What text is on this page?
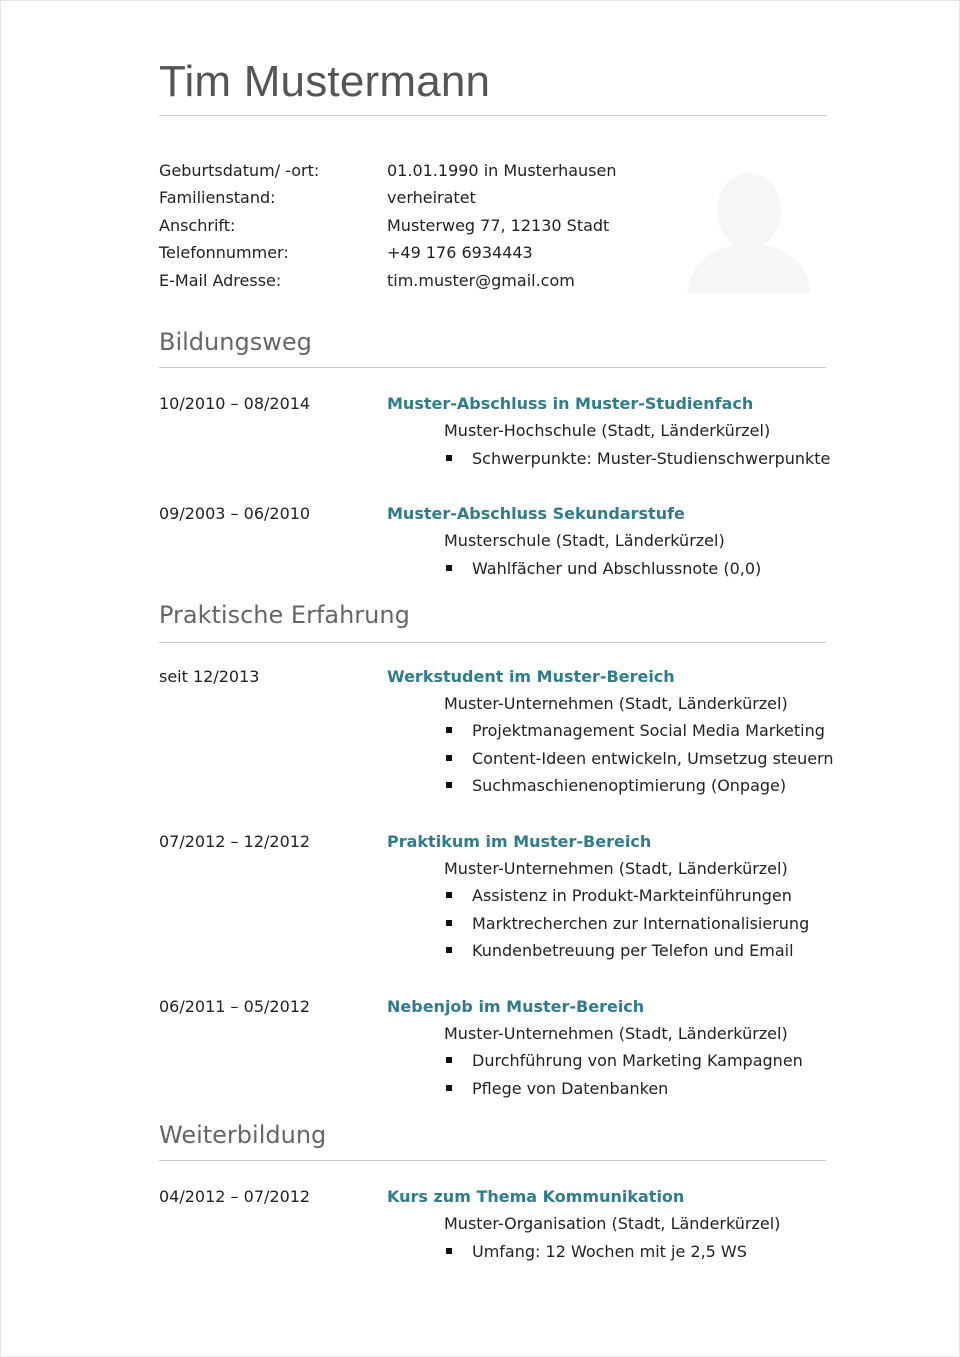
Tim Mustermann
Geburtsdatum/ -ort:	01.01.1990 in Musterhausen
Familienstand:	verheiratet
Anschrift:	Musterweg 77, 12130 Stadt
Telefonnummer:	+49 176 6934443
E-Mail Adresse:	tim.muster@gmail.com
Bildungsweg
10/2010 – 08/2014	Muster-Abschluss in Muster-Studienfach
Muster-Hochschule (Stadt, Länderkürzel)
Schwerpunkte: Muster-Studienschwerpunkte
09/2003 – 06/2010	Muster-Abschluss Sekundarstufe
Musterschule (Stadt, Länderkürzel)
Wahlfächer und Abschlussnote (0,0)
Praktische Erfahrung
seit 12/2013	Werkstudent im Muster-Bereich
Muster-Unternehmen (Stadt, Länderkürzel)
Projektmanagement Social Media Marketing
Content-Ideen entwickeln, Umsetzug steuern
Suchmaschienenoptimierung (Onpage)
07/2012 – 12/2012	Praktikum im Muster-Bereich
Muster-Unternehmen (Stadt, Länderkürzel)
Assistenz in Produkt-Markteinführungen
Marktrecherchen zur Internationalisierung
Kundenbetreuung per Telefon und Email
06/2011 – 05/2012	Nebenjob im Muster-Bereich
Muster-Unternehmen (Stadt, Länderkürzel)
Durchführung von Marketing Kampagnen
Pflege von Datenbanken
Weiterbildung
04/2012 – 07/2012	Kurs zum Thema Kommunikation
Muster-Organisation (Stadt, Länderkürzel)
Umfang: 12 Wochen mit je 2,5 WS
